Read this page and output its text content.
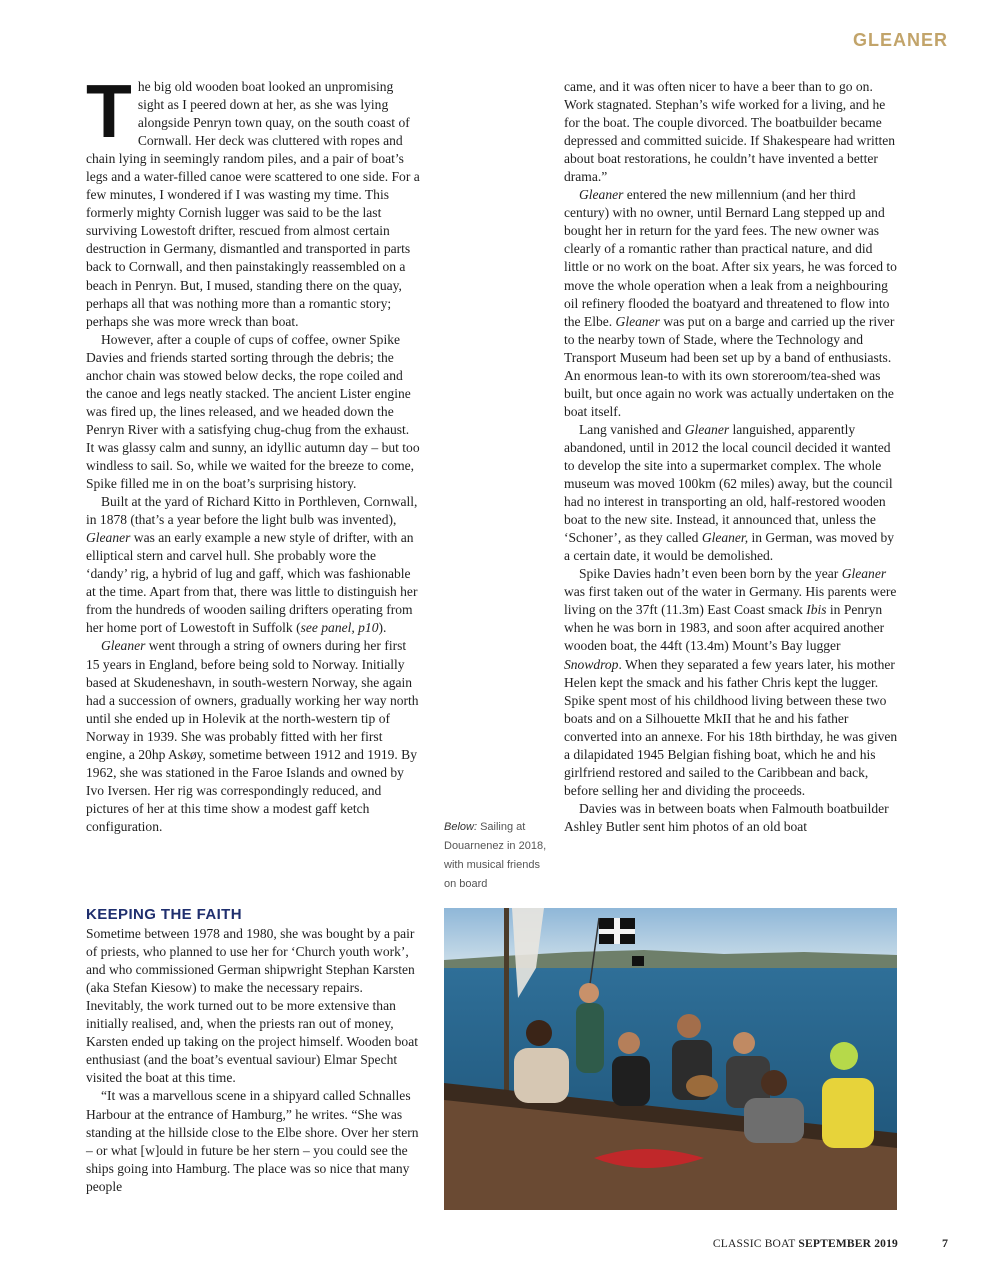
GLEANER

The big old wooden boat looked an unpromising sight as I peered down at her, as she was lying alongside Penryn town quay, on the south coast of Cornwall. Her deck was cluttered with ropes and chain lying in seemingly random piles, and a pair of boat’s legs and a water-filled canoe were scattered to one side. For a few minutes, I wondered if I was wasting my time. This formerly mighty Cornish lugger was said to be the last surviving Lowestoft drifter, rescued from almost certain destruction in Germany, dismantled and transported in parts back to Cornwall, and then painstakingly reassembled on a beach in Penryn. But, I mused, standing there on the quay, perhaps all that was nothing more than a romantic story; perhaps she was more wreck than boat.

However, after a couple of cups of coffee, owner Spike Davies and friends started sorting through the debris; the anchor chain was stowed below decks, the rope coiled and the canoe and legs neatly stacked. The ancient Lister engine was fired up, the lines released, and we headed down the Penryn River with a satisfying chug-chug from the exhaust. It was glassy calm and sunny, an idyllic autumn day – but too windless to sail. So, while we waited for the breeze to come, Spike filled me in on the boat’s surprising history.

Built at the yard of Richard Kitto in Porthleven, Cornwall, in 1878 (that’s a year before the light bulb was invented), Gleaner was an early example a new style of drifter, with an elliptical stern and carvel hull. She probably wore the ‘dandy’ rig, a hybrid of lug and gaff, which was fashionable at the time. Apart from that, there was little to distinguish her from the hundreds of wooden sailing drifters operating from her home port of Lowestoft in Suffolk (see panel, p10).

Gleaner went through a string of owners during her first 15 years in England, before being sold to Norway. Initially based at Skudeneshavn, in south-western Norway, she again had a succession of owners, gradually working her way north until she ended up in Holevik at the north-western tip of Norway in 1939. She was probably fitted with her first engine, a 20hp Askøy, sometime between 1912 and 1919. By 1962, she was stationed in the Faroe Islands and owned by Ivo Iversen. Her rig was correspondingly reduced, and pictures of her at this time show a modest gaff ketch configuration.

came, and it was often nicer to have a beer than to go on. Work stagnated. Stephan’s wife worked for a living, and he for the boat. The couple divorced. The boatbuilder became depressed and committed suicide. If Shakespeare had written about boat restorations, he couldn’t have invented a better drama.”

Gleaner entered the new millennium (and her third century) with no owner, until Bernard Lang stepped up and bought her in return for the yard fees. The new owner was clearly of a romantic rather than practical nature, and did little or no work on the boat. After six years, he was forced to move the whole operation when a leak from a neighbouring oil refinery flooded the boatyard and threatened to flow into the Elbe. Gleaner was put on a barge and carried up the river to the nearby town of Stade, where the Technology and Transport Museum had been set up by a band of enthusiasts. An enormous lean-to with its own storeroom/tea-shed was built, but once again no work was actually undertaken on the boat itself.

Lang vanished and Gleaner languished, apparently abandoned, until in 2012 the local council decided it wanted to develop the site into a supermarket complex. The whole museum was moved 100km (62 miles) away, but the council had no interest in transporting an old, half-restored wooden boat to the new site. Instead, it announced that, unless the ‘Schoner’, as they called Gleaner, in German, was moved by a certain date, it would be demolished.

Spike Davies hadn’t even been born by the year Gleaner was first taken out of the water in Germany. His parents were living on the 37ft (11.3m) East Coast smack Ibis in Penryn when he was born in 1983, and soon after acquired another wooden boat, the 44ft (13.4m) Mount’s Bay lugger Snowdrop. When they separated a few years later, his mother Helen kept the smack and his father Chris kept the lugger. Spike spent most of his childhood living between these two boats and on a Silhouette MkII that he and his father converted into an annexe. For his 18th birthday, he was given a dilapidated 1945 Belgian fishing boat, which he and his girlfriend restored and sailed to the Caribbean and back, before selling her and dividing the proceeds.

Davies was in between boats when Falmouth boatbuilder Ashley Butler sent him photos of an old boat

Below: Sailing at Douarnenez in 2018, with musical friends on board
KEEPING THE FAITH

Sometime between 1978 and 1980, she was bought by a pair of priests, who planned to use her for ‘Church youth work’, and who commissioned German shipwright Stephan Karsten (aka Stefan Kiesow) to make the necessary repairs. Inevitably, the work turned out to be more extensive than initially realised, and, when the priests ran out of money, Karsten ended up taking on the project himself. Wooden boat enthusiast (and the boat’s eventual saviour) Elmar Specht visited the boat at this time.

“It was a marvellous scene in a shipyard called Schnalles Harbour at the entrance of Hamburg,” he writes. “She was standing at the hillside close to the Elbe shore. Over her stern – or what [w]ould in future be her stern – you could see the ships going into Hamburg. The place was so nice that many people

CLASSIC BOAT SEPTEMBER 2019	7
